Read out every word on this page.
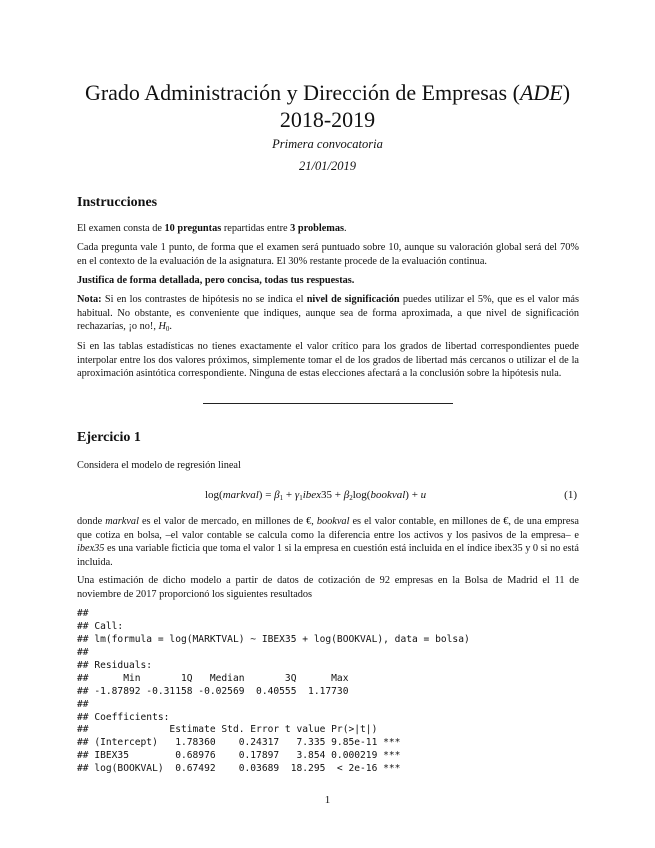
Grado Administración y Dirección de Empresas (ADE)
2018-2019
Primera convocatoria
21/01/2019
Instrucciones

El examen consta de 10 preguntas repartidas entre 3 problemas.

Cada pregunta vale 1 punto, de forma que el examen será puntuado sobre 10, aunque su valoración global será del 70% en el contexto de la evaluación de la asignatura. El 30% restante procede de la evaluación continua.

Justifica de forma detallada, pero concisa, todas tus respuestas.

Nota: Si en los contrastes de hipótesis no se indica el nivel de significación puedes utilizar el 5%, que es el valor más habitual. No obstante, es conveniente que indiques, aunque sea de forma aproximada, a que nivel de significación rechazarías, ¡o no!, $H_0$.

Si en las tablas estadísticas no tienes exactamente el valor crítico para los grados de libertad correspondientes puede interpolar entre los dos valores próximos, simplemente tomar el de los grados de libertad más cercanos o utilizar el de la aproximación asintótica correspondiente. Ninguna de estas elecciones afectará a la conclusión sobre la hipótesis nula.

Ejercicio 1

Considera el modelo de regresión lineal

log(markval) = $\beta_1$ + $\gamma_1ibex35$ + $\beta_2\log(bookval) + u$	(1)

donde markval es el valor de mercado, en millones de €, bookval es el valor contable, en millones de €, de una empresa que cotiza en bolsa, –el valor contable se calcula como la diferencia entre los activos y los pasivos de la empresa– e ibex35 es una variable ficticia que toma el valor 1 si la empresa en cuestión está incluida en el índice ibex35 y 0 si no está incluida.

Una estimación de dicho modelo a partir de datos de cotización de 92 empresas en la Bolsa de Madrid el 11 de noviembre de 2017 proporcionó los siguientes resultados

##
## Call:
## lm(formula = log(MARKTVAL) ~ IBEX35 + log(BOOKVAL), data = bolsa)
##
## Residuals:
##      Min       1Q   Median       3Q      Max
## -1.87892 -0.31158 -0.02569  0.40555  1.17730
##
## Coefficients:
##              Estimate Std. Error t value Pr(>|t|)
## (Intercept)   1.78360    0.24317   7.335 9.85e-11 ***
## IBEX35        0.68976    0.17897   3.854 0.000219 ***
## log(BOOKVAL)  0.67492    0.03689  18.295  < 2e-16 ***
1
